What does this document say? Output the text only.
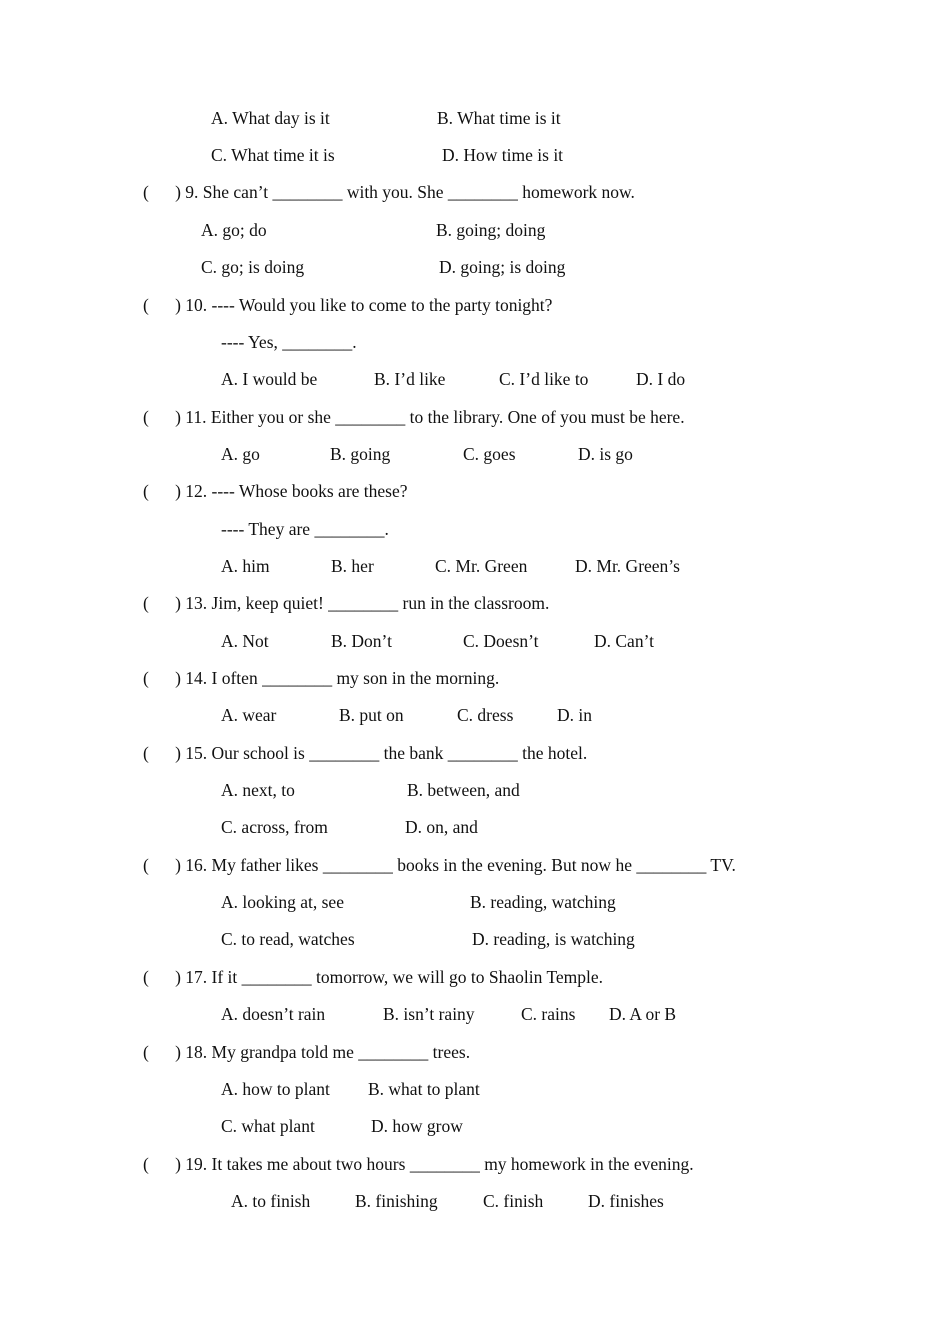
A. What day is it	B. What time is it
C. What time it is	D. How time is it
(      ) 9. She can’t ________ with you. She ________ homework now.
A. go; do	B. going; doing
C. go; is doing	D. going; is doing
(      ) 10. ---- Would you like to come to the party tonight?
---- Yes, ________.
A. I would be	B. I’d like	C. I’d like to	D. I do
(      ) 11. Either you or she ________ to the library. One of you must be here.
A. go	B. going	C. goes	D. is go
(      ) 12. ---- Whose books are these?
---- They are ________.
A. him	B. her	C. Mr. Green	D. Mr. Green’s
(      ) 13. Jim, keep quiet! ________ run in the classroom.
A. Not	B. Don’t	C. Doesn’t	D. Can’t
(      ) 14. I often ________ my son in the morning.
A. wear	B. put on	C. dress D. in
(      ) 15. Our school is ________ the bank ________ the hotel.
A. next, to	B. between, and
C. across, from	D. on, and
(      ) 16. My father likes ________ books in the evening. But now he ________ TV.
A. looking at, see	B. reading, watching
C. to read, watches	D. reading, is watching
(      ) 17. If it ________ tomorrow, we will go to Shaolin Temple.
A. doesn’t rain	B. isn’t rainy	C. rains D. A or B
(      ) 18. My grandpa told me ________ trees.
A. how to plant B. what to plant
C. what plant	D. how grow
(      ) 19. It takes me about two hours ________ my homework in the evening.
A. to finish	B. finishing	C. finish	D. finishes
